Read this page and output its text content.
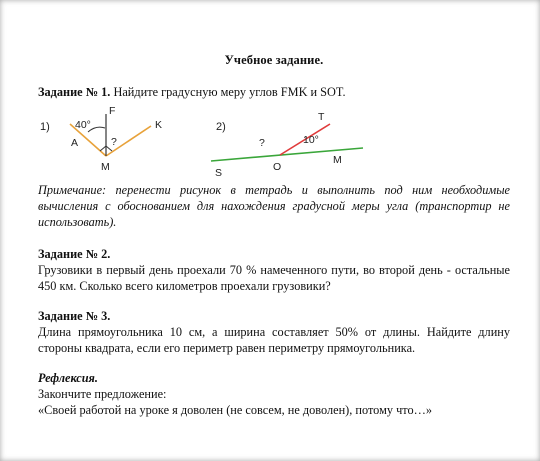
Учебное задание.

Задание № 1. Найдите градусную меру углов FMK и SOT.

1) 40°
A
F
K
M
?
2)
T
10°
?
O
M
S

Примечание: перенести рисунок в тетрадь и выполнить под ним необходимые вычисления с обоснованием для нахождения градусной меры угла (транспортир не использовать).

Задание № 2.

Грузовики в первый день проехали 70 % намеченного пути, во второй день - остальные 450 км. Сколько всего километров проехали грузовики?

Задание № 3.

Длина прямоугольника 10 см, а ширина составляет 50% от длины. Найдите длину стороны квадрата, если его периметр равен периметру прямоугольника.

Рефлексия.

Закончите предложение:

«Своей работой на уроке я доволен (не совсем, не доволен), потому что…»
